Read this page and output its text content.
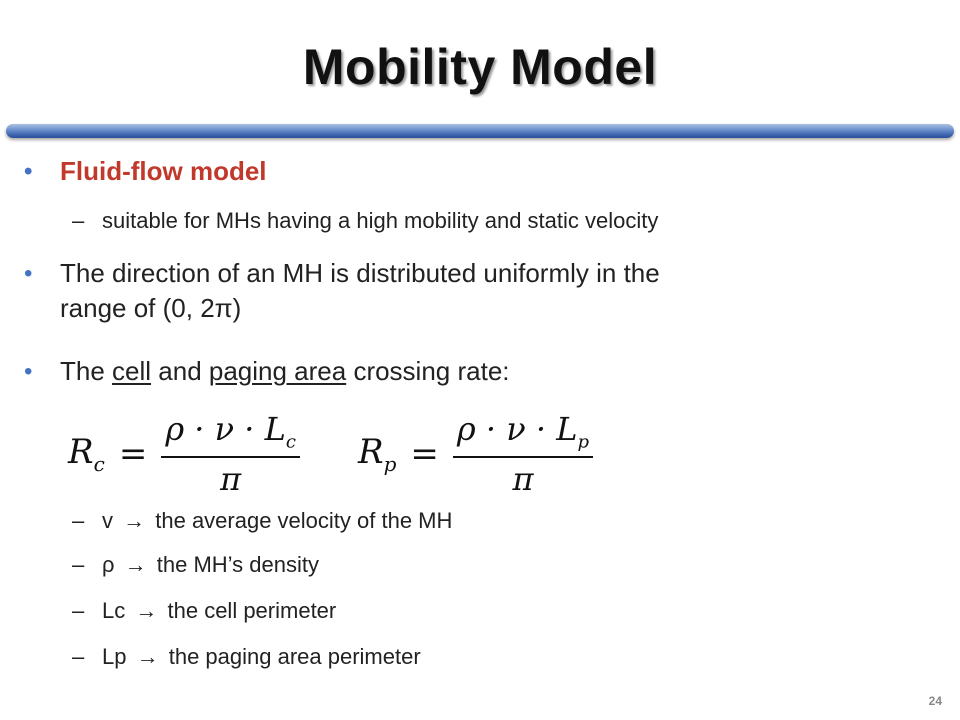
Mobility Model
• Fluid-flow model
– suitable for MHs having a high mobility and static velocity
• The direction of an MH is distributed uniformly in the
range of (0, 2π)
• The cell and paging area crossing rate:
$R_c = \frac{\rho \cdot \nu \cdot L_c}{\pi} R_p = \frac{\rho \cdot \nu \cdot L_p}{\pi}$
– v → the average velocity of the MH
– ρ → the MH’s density
– Lc → the cell perimeter
– Lp → the paging area perimeter
24
